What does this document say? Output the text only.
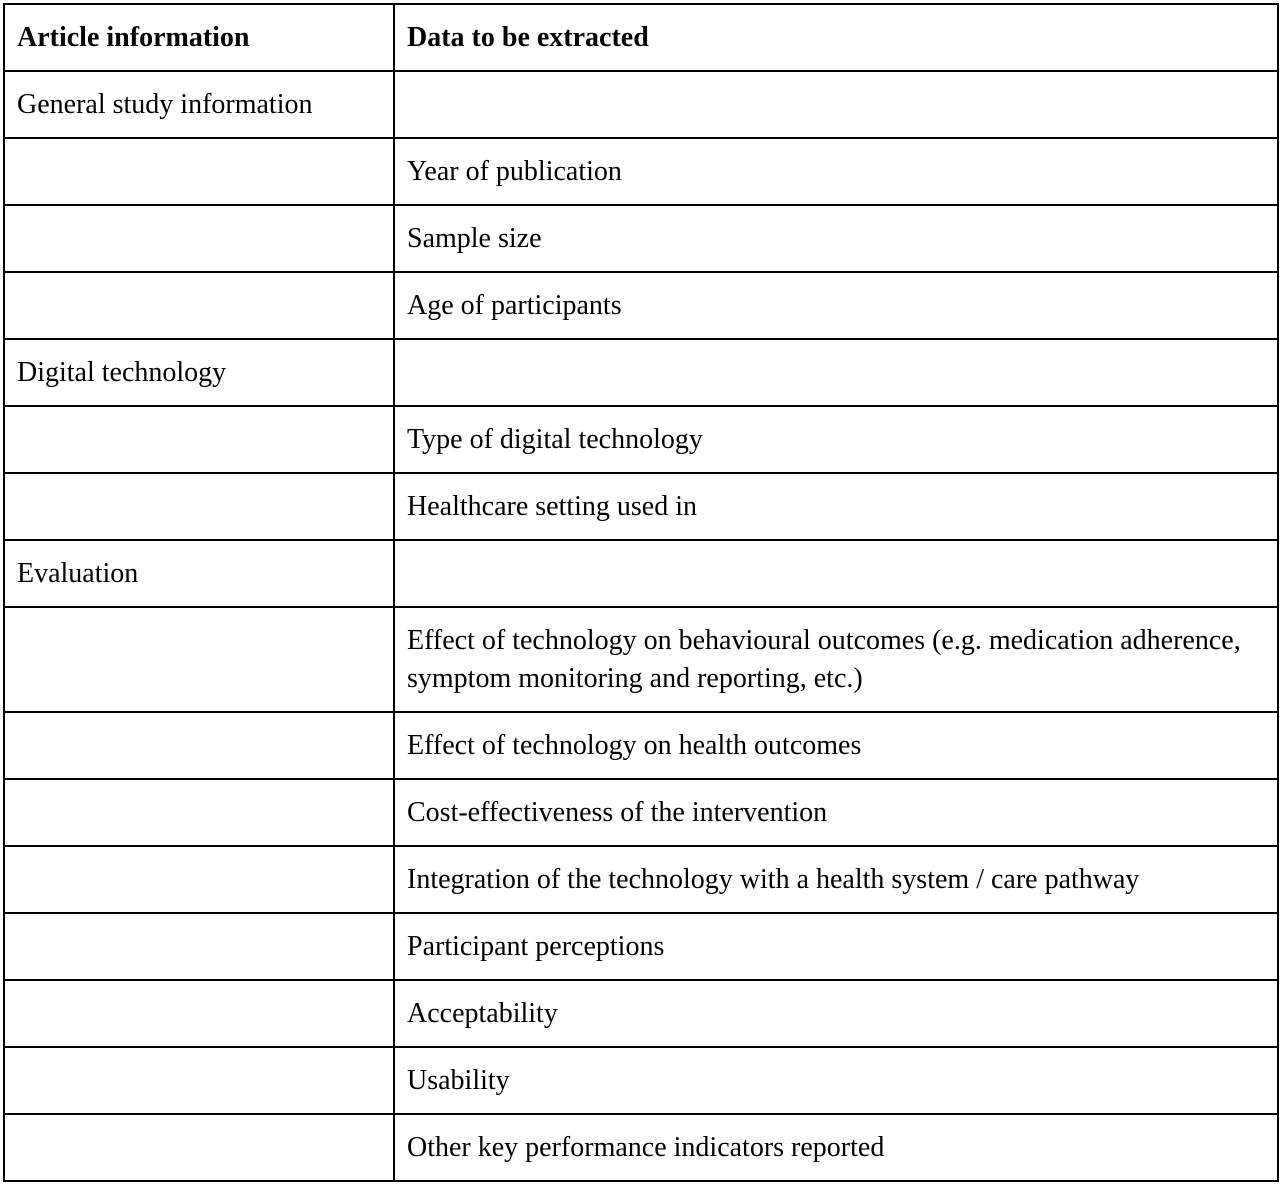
Article information	Data to be extracted
General study information	
	Year of publication
	Sample size
	Age of participants
Digital technology	
	Type of digital technology
	Healthcare setting used in
Evaluation	
	Effect of technology on behavioural outcomes (e.g. medication adherence, symptom monitoring and reporting, etc.)
	Effect of technology on health outcomes
	Cost-effectiveness of the intervention
	Integration of the technology with a health system / care pathway
	Participant perceptions
	Acceptability
	Usability
	Other key performance indicators reported
